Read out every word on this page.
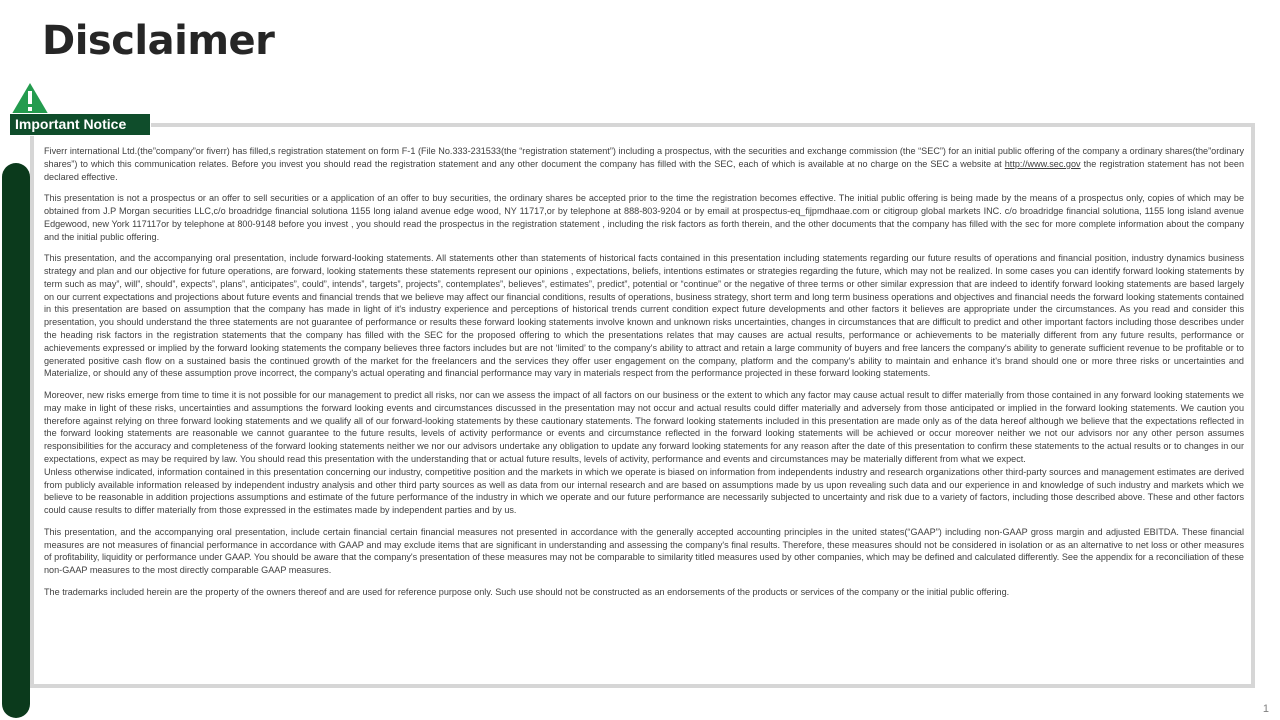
Disclaimer
Important Notice

Fiverr international Ltd.(the”company”or fiverr) has filled,s registration statement on form F-1 (File No.333-231533(the “registration statement”) including a prospectus, with the securities and exchange commission (the “SEC”) for an initial public offering of the company a ordinary shares(the”ordinary shares”) to which this communication relates. Before you invest you should read the registration statement and any other document the company has filled with the SEC, each of which is available at no charge on the SEC a website at http://www.sec.gov the registration statement has not been declared effective.

This presentation is not a prospectus or an offer to sell securities or a application of an offer to buy securities, the ordinary shares be accepted prior to the time the registration becomes effective. The initial public offering is being made by the means of a prospectus only, copies of which may be obtained from J.P Morgan securities LLC,c/o broadridge financial solutiona 1155 long ialand avenue edge wood, NY 11717,or by telephone at 888-803-9204 or by email at prospectus-eq_fijpmdhaae.com or citigroup global markets INC. c/o broadridge financial solutiona, 1155 long island avenue Edgewood, new York 117117or by telephone at 800-9148 before you invest , you should read the prospectus in the registration statement , including the risk factors as forth therein, and the other documents that the company has filled with the sec for more complete information about the company and the initial public offering.

This presentation, and the accompanying oral presentation, include forward-looking statements. All statements other than statements of historical facts contained in this presentation including statements regarding our future results of operations and financial position, industry dynamics business strategy and plan and our objective for future operations, are forward, looking statements these statements represent our opinions , expectations, beliefs, intentions estimates or strategies regarding the future, which may not be realized. In some cases you can identify forward looking statements by term such as may”, will”, should”, expects”, plans”, anticipates”, could”, intends”, targets”, projects”, contemplates”, believes”, estimates”, predict”, potential or “continue” or the negative of three terms or other similar expression that are indeed to identify forward looking statements are based largely on our current expectations and projections about future events and financial trends that we believe may affect our financial conditions, results of operations, business strategy, short term and long term business operations and objectives and financial needs the forward looking statements contained in this presentation are based on assumption that the company has made in light of it's industry experience and perceptions of historical trends current condition expect future developments and other factors it believes are appropriate under the circumstances. As you read and consider this presentation, you should understand the three statements are not guarantee of performance or results these forward looking statements involve known and unknown risks uncertainties, changes in circumstances that are difficult to predict and other important factors including those describes under the heading risk factors in the registration statements that the company has filled with the SEC for the proposed offering to which the presentations relates that may causes are actual results, performance or achievements to be materially different from any future results, performance or achievements expressed or implied by the forward looking statements the company believes three factors includes but are not ‘limited’ to the company's ability to attract and retain a large community of buyers and free lancers the company's ability to generate sufficient revenue to be profitable or to generated positive cash flow on a sustained basis the continued growth of the market for the freelancers and the services they offer user engagement on the company, platform and the company's ability to maintain and enhance it's brand should one or more three risks or uncertainties and Materialize, or should any of these assumption prove incorrect, the company's actual operating and financial performance may vary in materials respect from the performance projected in these forward looking statements.

Moreover, new risks emerge from time to time it is not possible for our management to predict all risks, nor can we assess the impact of all factors on our business or the extent to which any factor may cause actual result to differ materially from those contained in any forward looking statements we may make in light of these risks, uncertainties and assumptions the forward looking events and circumstances discussed in the presentation may not occur and actual results could differ materially and adversely from those anticipated or implied in the forward looking statements. We caution you therefore against relying on three forward looking statements and we qualify all of our forward-looking statements by these cautionary statements. The forward looking statements included in this presentation are made only as of the data hereof although we believe that the expectations reflected in the forward looking statements are reasonable we cannot guarantee to the future results, levels of activity performance or events and circumstance reflected in the forward looking statements will be achieved or occur moreover neither we not our advisors nor any other person assumes responsibilities for the accuracy and completeness of the forward looking statements neither we nor our advisors undertake any obligation to update any forward looking statements for any reason after the date of this presentation to confirm these statements to the actual results or to changes in our expectations, expect as may be required by law. You should read this presentation with the understanding that or actual future results, levels of activity, performance and events and circumstances may be materially different from what we expect.

Unless otherwise indicated, information contained in this presentation concerning our industry, competitive position and the markets in which we operate is biased on information from independents industry and research organizations other third-party sources and management estimates are derived from publicly available information released by independent industry analysis and other third party sources as well as data from our internal research and are based on assumptions made by us upon revealing such data and our experience in and knowledge of such industry and markets which we believe to be reasonable in addition projections assumptions and estimate of the future performance of the industry in which we operate and our future performance are necessarily subjected to uncertainty and risk due to a variety of factors, including those described above. These and other factors could cause results to differ materially from those expressed in the estimates made by independent parties and by us.

This presentation, and the accompanying oral presentation, include certain financial certain financial measures not presented in accordance with the generally accepted accounting principles in the united states(“GAAP”) including non-GAAP gross margin and adjusted EBITDA. These financial measures are not measures of financial performance in accordance with GAAP and may exclude items that are significant in understanding and assessing the company's final results. Therefore, these measures should not be considered in isolation or as an alternative to net loss or other measures of profitability, liquidity or performance under GAAP. You should be aware that the company's presentation of these measures may not be comparable to similarity titled measures used by other companies, which may be defined and calculated differently. See the appendix for a reconciliation of these non-GAAP measures to the most directly comparable GAAP measures.

The trademarks included herein are the property of the owners thereof and are used for reference purpose only. Such use should not be constructed as an endorsements of the products or services of the company or the initial public offering.

1
